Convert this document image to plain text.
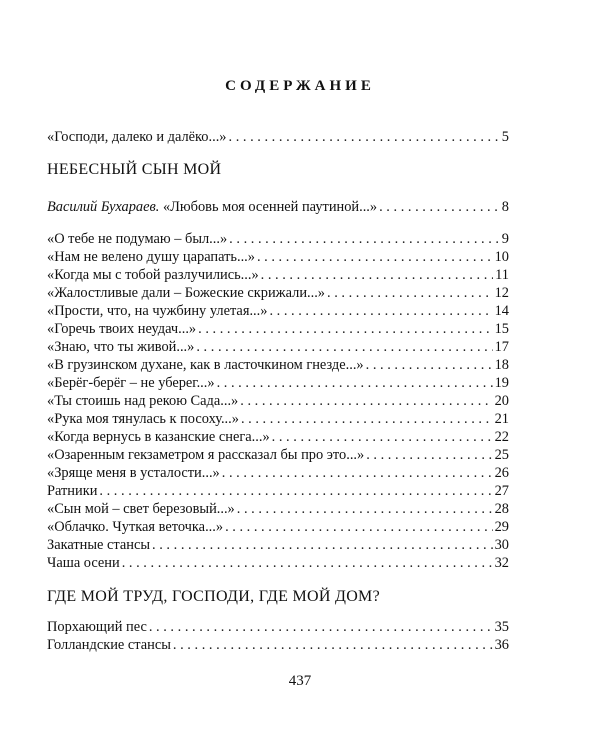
СОДЕРЖАНИЕ
«Господи, далеко и далёко...» . . .	5
НЕБЕСНЫЙ СЫН МОЙ
Василий Бухараев. «Любовь моя осенней паутиной...» . . .	8
«О тебе не подумаю – был...» . . .	9
«Нам не велено душу царапать...» . . .	10
«Когда мы с тобой разлучились...» . . .	11
«Жалостливые дали – Божеские скрижали...» . . .	12
«Прости, что, на чужбину улетая...» . . .	14
«Горечь твоих неудач...» . . .	15
«Знаю, что ты живой...» . . .	17
«В грузинском духане, как в ласточкином гнезде...» . . .	18
«Берёг-берёг – не уберег...» . . .	19
«Ты стоишь над рекою Сада...» . . .	20
«Рука моя тянулась к посоху...» . . .	21
«Когда вернусь в казанские снега...» . . .	22
«Озаренным гекзаметром я рассказал бы про это...» . . .	25
«Зряще меня в усталости...» . . .	26
Ратники . . .	27
«Сын мой – свет березовый...» . . .	28
«Облачко. Чуткая веточка...» . . .	29
Закатные стансы . . .	30
Чаша осени . . .	32
ГДЕ МОЙ ТРУД, ГОСПОДИ, ГДЕ МОЙ ДОМ?
Порхающий пес . . .	35
Голландские стансы . . .	36
437
